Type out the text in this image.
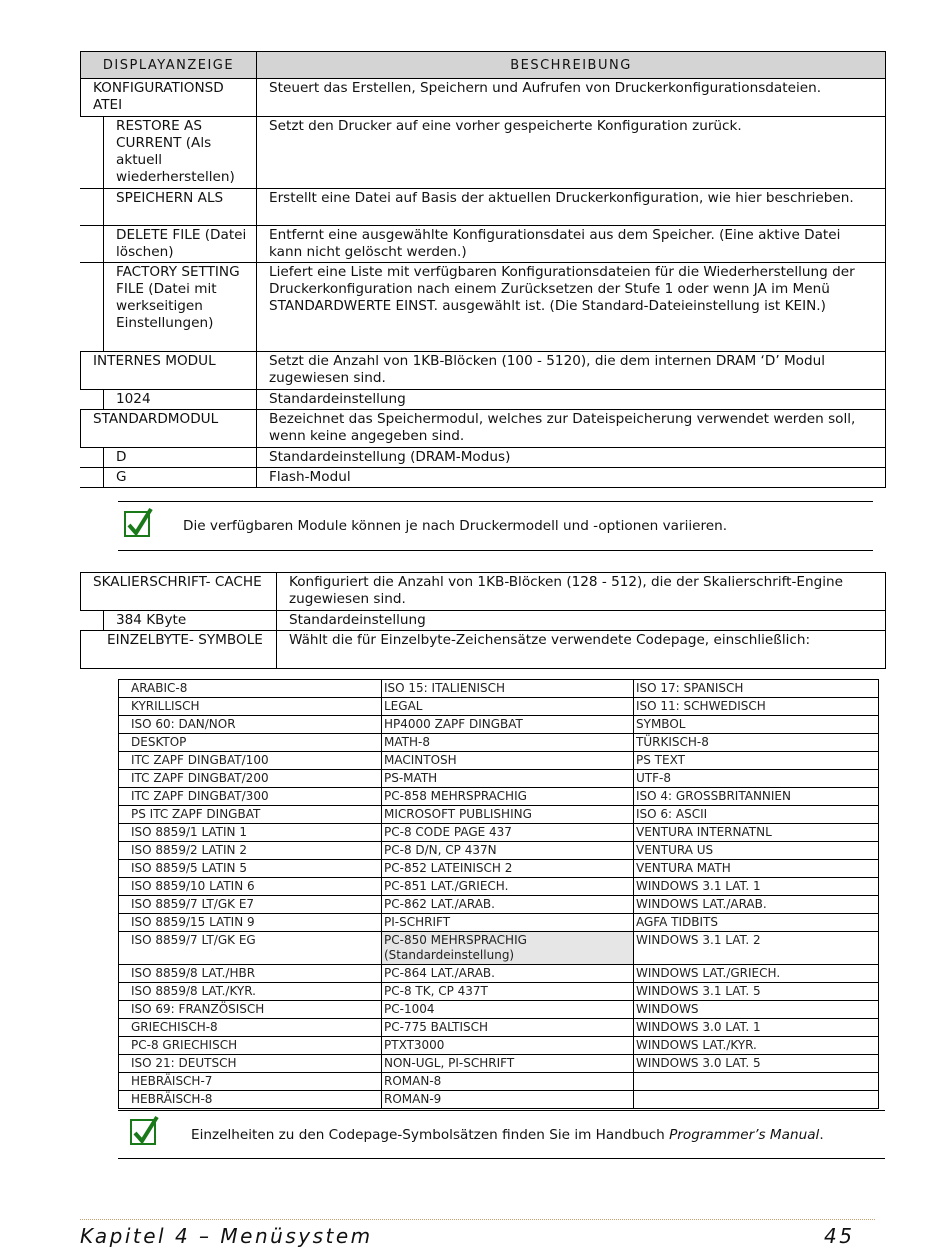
DISPLAYANZEIGE	BESCHREIBUNG
KONFIGURATIONSD ATEI	Steuert das Erstellen, Speichern und Aufrufen von Druckerkonfigurationsdateien.

RESTORE AS CURRENT (Als aktuell wiederherstellen)	Setzt den Drucker auf eine vorher gespeicherte Konfiguration zurück.

SPEICHERN ALS	Erstellt eine Datei auf Basis der aktuellen Druckerkonfiguration, wie hier beschrieben.

DELETE FILE (Datei löschen)	Entfernt eine ausgewählte Konfigurationsdatei aus dem Speicher. (Eine aktive Datei kann nicht gelöscht werden.)

FACTORY SETTING FILE (Datei mit werkseitigen Einstellungen)	Liefert eine Liste mit verfügbaren Konfigurationsdateien für die Wiederherstellung der Druckerkonfiguration nach einem Zurücksetzen der Stufe 1 oder wenn JA im Menü STANDARDWERTE EINST. ausgewählt ist. (Die Standard-Dateieinstellung ist KEIN.)
INTERNES MODUL	Setzt die Anzahl von 1KB-Blöcken (100 - 5120), die dem internen DRAM ‘D’ Modul zugewiesen sind.

1024	Standardeinstellung
STANDARDMODUL	Bezeichnet das Speichermodul, welches zur Dateispeicherung verwendet werden soll, wenn keine angegeben sind.

D	Standardeinstellung (DRAM-Modus)

G	Flash-Modul
Die verfügbaren Module können je nach Druckermodell und -optionen variieren.
SKALIERSCHRIFT- CACHE	Konfiguriert die Anzahl von 1KB-Blöcken (128 - 512), die der Skalierschrift-Engine zugewiesen sind.

384 KByte	Standardeinstellung
EINZELBYTE- SYMBOLE	Wählt die für Einzelbyte-Zeichensätze verwendete Codepage, einschließlich:
ARABIC-8	ISO 15: ITALIENISCH	ISO 17: SPANISCH
KYRILLISCH	LEGAL	ISO 11: SCHWEDISCH
ISO 60: DAN/NOR	HP4000 ZAPF DINGBAT	SYMBOL
DESKTOP	MATH-8	TÜRKISCH-8
ITC ZAPF DINGBAT/100	MACINTOSH	PS TEXT
ITC ZAPF DINGBAT/200	PS-MATH	UTF-8
ITC ZAPF DINGBAT/300	PC-858 MEHRSPRACHIG	ISO 4: GROSSBRITANNIEN
PS ITC ZAPF DINGBAT	MICROSOFT PUBLISHING	ISO 6: ASCII
ISO 8859/1 LATIN 1	PC-8 CODE PAGE 437	VENTURA INTERNATNL
ISO 8859/2 LATIN 2	PC-8 D/N, CP 437N	VENTURA US
ISO 8859/5 LATIN 5	PC-852 LATEINISCH 2	VENTURA MATH
ISO 8859/10 LATIN 6	PC-851 LAT./GRIECH.	WINDOWS 3.1 LAT. 1
ISO 8859/7 LT/GK E7	PC-862 LAT./ARAB.	WINDOWS LAT./ARAB.
ISO 8859/15 LATIN 9	PI-SCHRIFT	AGFA TIDBITS
ISO 8859/7 LT/GK EG	PC-850 MEHRSPRACHIG (Standardeinstellung)	WINDOWS 3.1 LAT. 2
ISO 8859/8 LAT./HBR	PC-864 LAT./ARAB.	WINDOWS LAT./GRIECH.
ISO 8859/8 LAT./KYR.	PC-8 TK, CP 437T	WINDOWS 3.1 LAT. 5
ISO 69: FRANZÖSISCH	PC-1004	WINDOWS
GRIECHISCH-8	PC-775 BALTISCH	WINDOWS 3.0 LAT. 1
PC-8 GRIECHISCH	PTXT3000	WINDOWS LAT./KYR.
ISO 21: DEUTSCH	NON-UGL, PI-SCHRIFT	WINDOWS 3.0 LAT. 5
HEBRÄISCH-7	ROMAN-8	
HEBRÄISCH-8	ROMAN-9	
Einzelheiten zu den Codepage-Symbolsätzen finden Sie im Handbuch Programmer’s Manual.
Kapitel 4 – Menüsystem	45
